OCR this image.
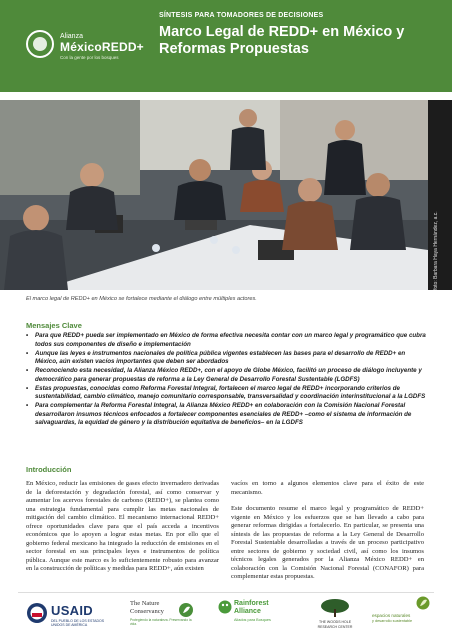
Alianza
MéxicoREDD+
Con la gente por los bosques
SÍNTESIS PARA TOMADORES DE DECISIONES
Marco Legal de REDD+ en México y Reformas Propuestas
foto: Barbara Haya Hernández, a.c.
El marco legal de REDD+ en México se fortalece mediante el diálogo entre múltiples actores.
Mensajes Clave
• Para que REDD+ pueda ser implementado en México de forma efectiva necesita contar con un marco legal y programático que cubra todos sus componentes de diseño e implementación
• Aunque las leyes e instrumentos nacionales de política pública vigentes establecen las bases para el desarrollo de REDD+ en México, aún existen vacíos importantes que deben ser abordados
• Reconociendo esta necesidad, la Alianza México REDD+, con el apoyo de Globe México, facilitó un proceso de diálogo incluyente y democrático para generar propuestas de reforma a la Ley General de Desarrollo Forestal Sustentable (LGDFS)
• Estas propuestas, conocidas como Reforma Forestal Integral, fortalecen el marco legal de REDD+ incorporando criterios de sustentabilidad, cambio climático, manejo comunitario corresponsable, transversalidad y coordinación interinstitucional a la LGDFS
• Para complementar la Reforma Forestal Integral, la Alianza México REDD+ en colaboración con la Comisión Nacional Forestal desarrollaron insumos técnicos enfocados a fortalecer componentes esenciales de REDD+ –como el sistema de información de salvaguardas, la equidad de género y la distribución equitativa de beneficios– en la LGDFS
Introducción

En México, reducir las emisiones de gases efecto invernadero derivadas de la deforestación y degradación forestal, así como conservar y aumentar los acervos forestales de carbono (REDD+), se plantea como una estrategia fundamental para cumplir las metas nacionales de mitigación del cambio climático. El mecanismo internacional REDD+ ofrece oportunidades clave para que el país acceda a incentivos económicos que lo apoyen a lograr estas metas. En por ello que el gobierno federal mexicano ha integrado la reducción de emisiones en el sector forestal en sus principales leyes e instrumentos de política pública. Aunque este marco es lo suficientemente robusto para avanzar en la construcción de políticas y medidas para REDD+, aún existen

vacíos en torno a algunos elementos clave para el éxito de este mecanismo.

Este documento resume el marco legal y programático de REDD+ vigente en México y los esfuerzos que se han llevado a cabo para generar reformas dirigidas a fortalecerlo. En particular, se presenta una síntesis de las propuestas de reforma a la Ley General de Desarrollo Forestal Sustentable desarrolladas a través de un proceso participativo entre sectores de gobierno y sociedad civil, así como los insumos técnicos legales generados por la Alianza México REDD+ en colaboración con la Comisión Nacional Forestal (CONAFOR) para complementar estas propuestas.

USAID
DEL PUEBLO DE LOS ESTADOS UNIDOS DE AMÉRICA
The Nature
Conservancy
Protegiendo la naturaleza. Preservando la vida.
Rainforest
Alliance
Aliados para Bosques	THE WOODS HOLE
RESEARCH CENTER
espacios naturales
y desarrollo sustentable
